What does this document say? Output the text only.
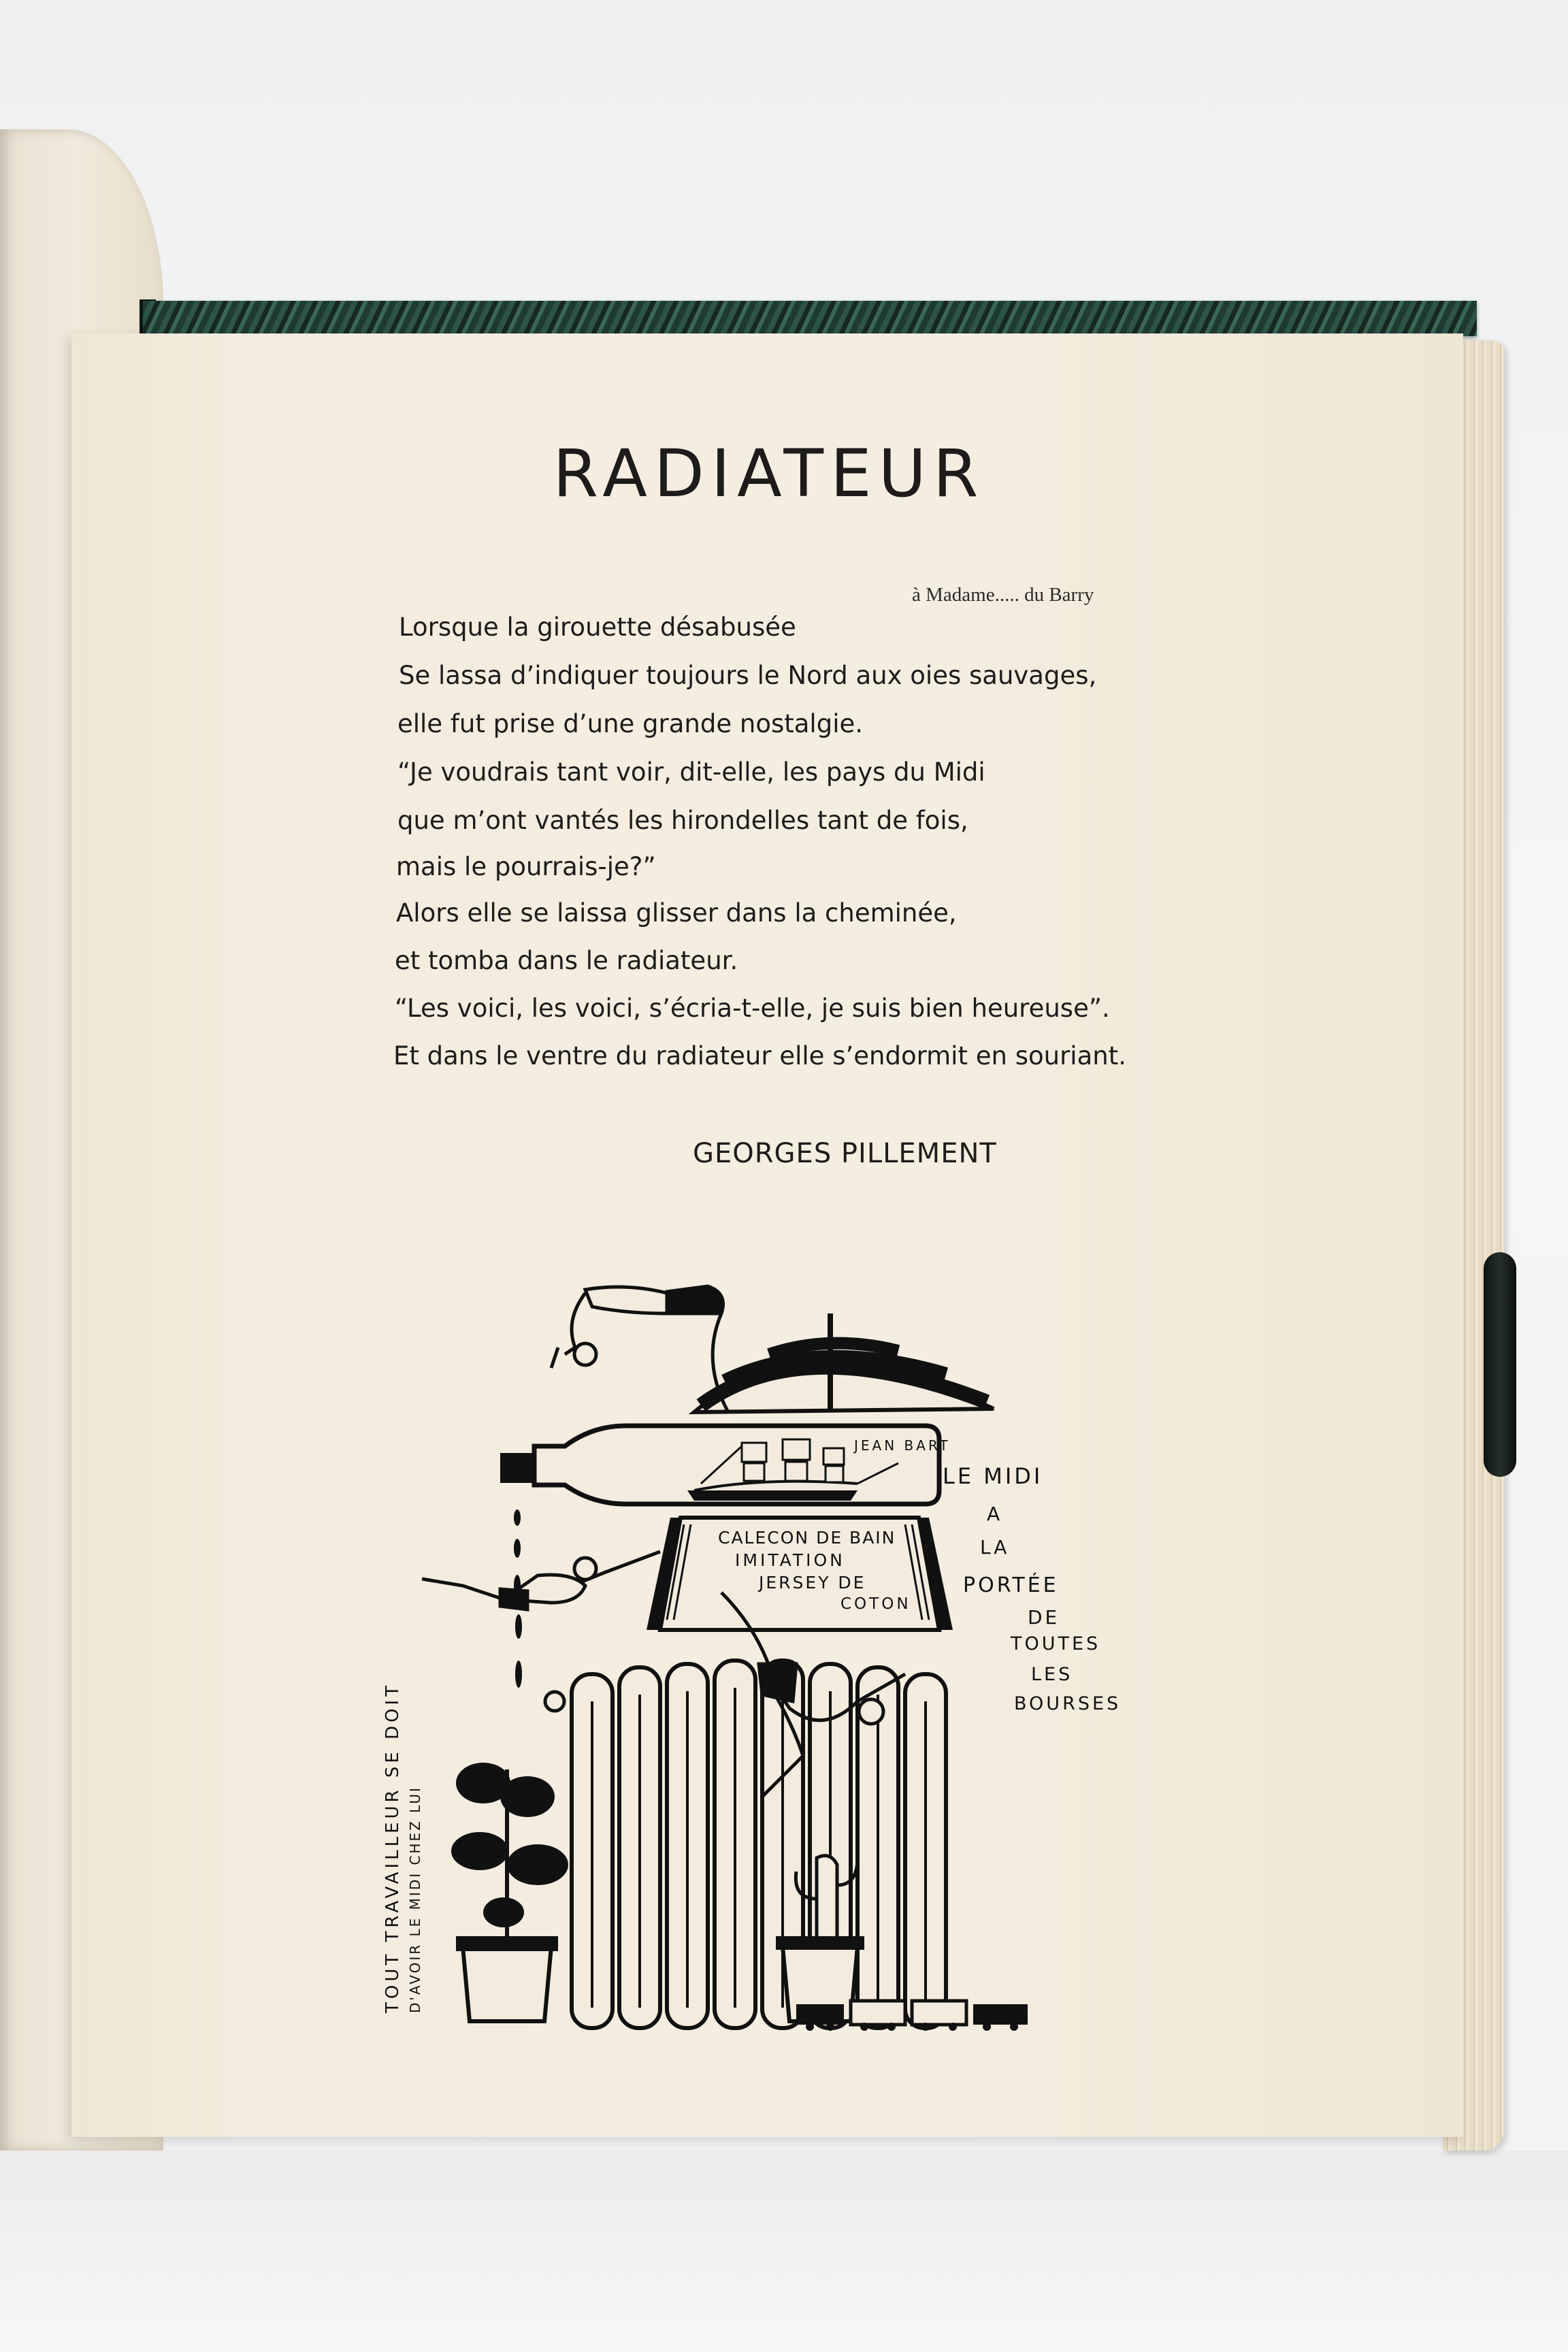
RADIATEUR
à Madame..... du Barry
Lorsque la girouette désabusée
Se lassa d’indiquer toujours le Nord aux oies sauvages,
elle fut prise d’une grande nostalgie.
“Je voudrais tant voir, dit-elle, les pays du Midi
que m’ont vantés les hirondelles tant de fois,
mais le pourrais-je?”
Alors elle se laissa glisser dans la cheminée,
et tomba dans le radiateur.
“Les voici, les voici, s’écria-t-elle, je suis bien heureuse”.
Et dans le ventre du radiateur elle s’endormit en souriant.
GEORGES PILLEMENT
JEAN BART
CALECON DE BAIN
IMITATION
JERSEY DE
COTON
LE MIDI
A
LA
PORTÉE
DE
TOUTES
LES
BOURSES
TOUT TRAVAILLEUR SE DOIT D'AVOIR LE MIDI CHEZ LUI
